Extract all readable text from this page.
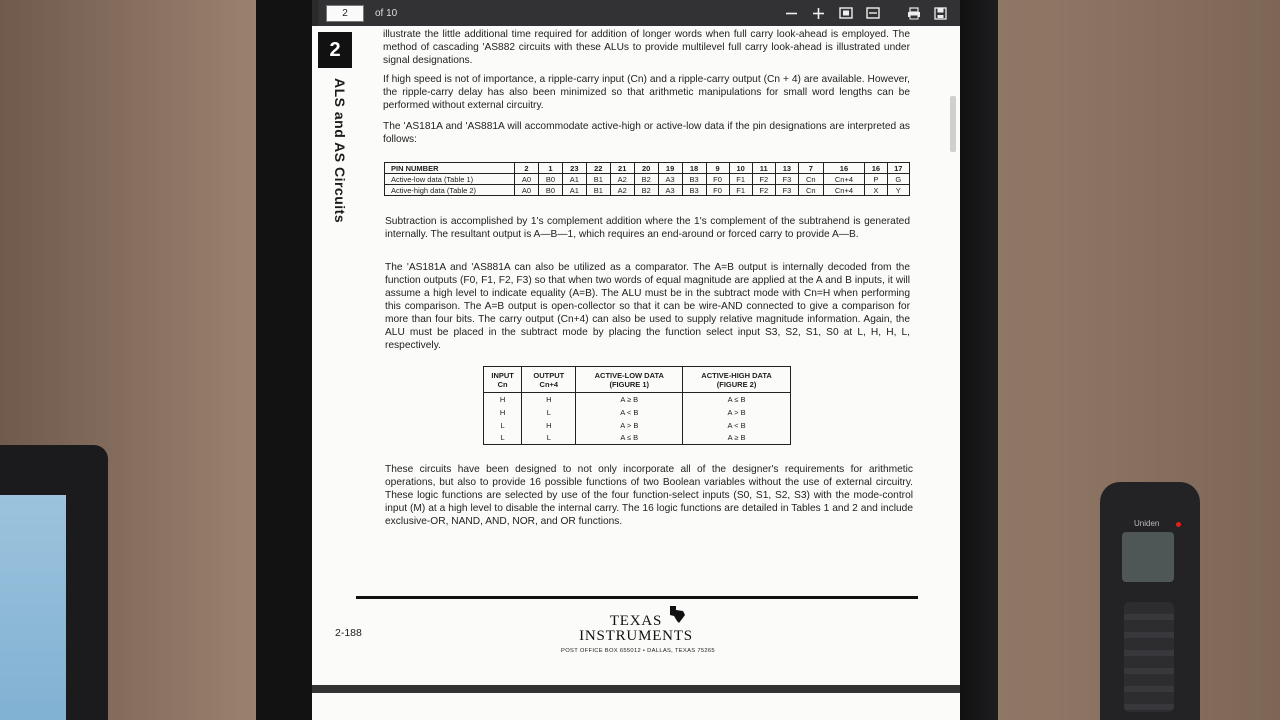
Uniden
2	of 10
2
ALS and AS Circuits

illustrate the little additional time required for addition of longer words when full carry look-ahead is employed. The method of cascading 'AS882 circuits with these ALUs to provide multilevel full carry look-ahead is illustrated under signal designations.

If high speed is not of importance, a ripple-carry input (Cn) and a ripple-carry output (Cn + 4) are available. However, the ripple-carry delay has also been minimized so that arithmetic manipulations for small word lengths can be performed without external circuitry.

The 'AS181A and 'AS881A will accommodate active-high or active-low data if the pin designations are interpreted as follows:

PIN NUMBER	2	1	23	22	21	20	19	18	9	10	11	13	7	16	16	17
Active-low data (Table 1)	A0	B0	A1	B1	A2	B2	A3	B3	F0	F1	F2	F3	Cn	Cn+4	P	G
Active-high data (Table 2)	A0	B0	A1	B1	A2	B2	A3	B3	F0	F1	F2	F3	Cn	Cn+4	X	Y

Subtraction is accomplished by 1's complement addition where the 1's complement of the subtrahend is generated internally. The resultant output is A—B—1, which requires an end-around or forced carry to provide A—B.

The 'AS181A and 'AS881A can also be utilized as a comparator. The A=B output is internally decoded from the function outputs (F0, F1, F2, F3) so that when two words of equal magnitude are applied at the A and B inputs, it will assume a high level to indicate equality (A=B). The ALU must be in the subtract mode with Cn=H when performing this comparison. The A=B output is open-collector so that it can be wire-AND connected to give a comparison for more than four bits. The carry output (Cn+4) can also be used to supply relative magnitude information. Again, the ALU must be placed in the subtract mode by placing the function select input S3, S2, S1, S0 at L, H, H, L, respectively.

INPUT Cn	OUTPUT Cn+4	ACTIVE-LOW DATA (FIGURE 1)	ACTIVE-HIGH DATA (FIGURE 2)
H	H	A ≥ B	A ≤ B
H	L	A < B	A > B
L	H	A > B	A < B
L	L	A ≤ B	A ≥ B

These circuits have been designed to not only incorporate all of the designer's requirements for arithmetic operations, but also to provide 16 possible functions of two Boolean variables without the use of external circuitry. These logic functions are selected by use of the four function-select inputs (S0, S1, S2, S3) with the mode-control input (M) at a high level to disable the internal carry. The 16 logic functions are detailed in Tables 1 and 2 and include exclusive-OR, NAND, AND, NOR, and OR functions.

2-188
TEXAS
INSTRUMENTS
POST OFFICE BOX 655012 • DALLAS, TEXAS 75265
